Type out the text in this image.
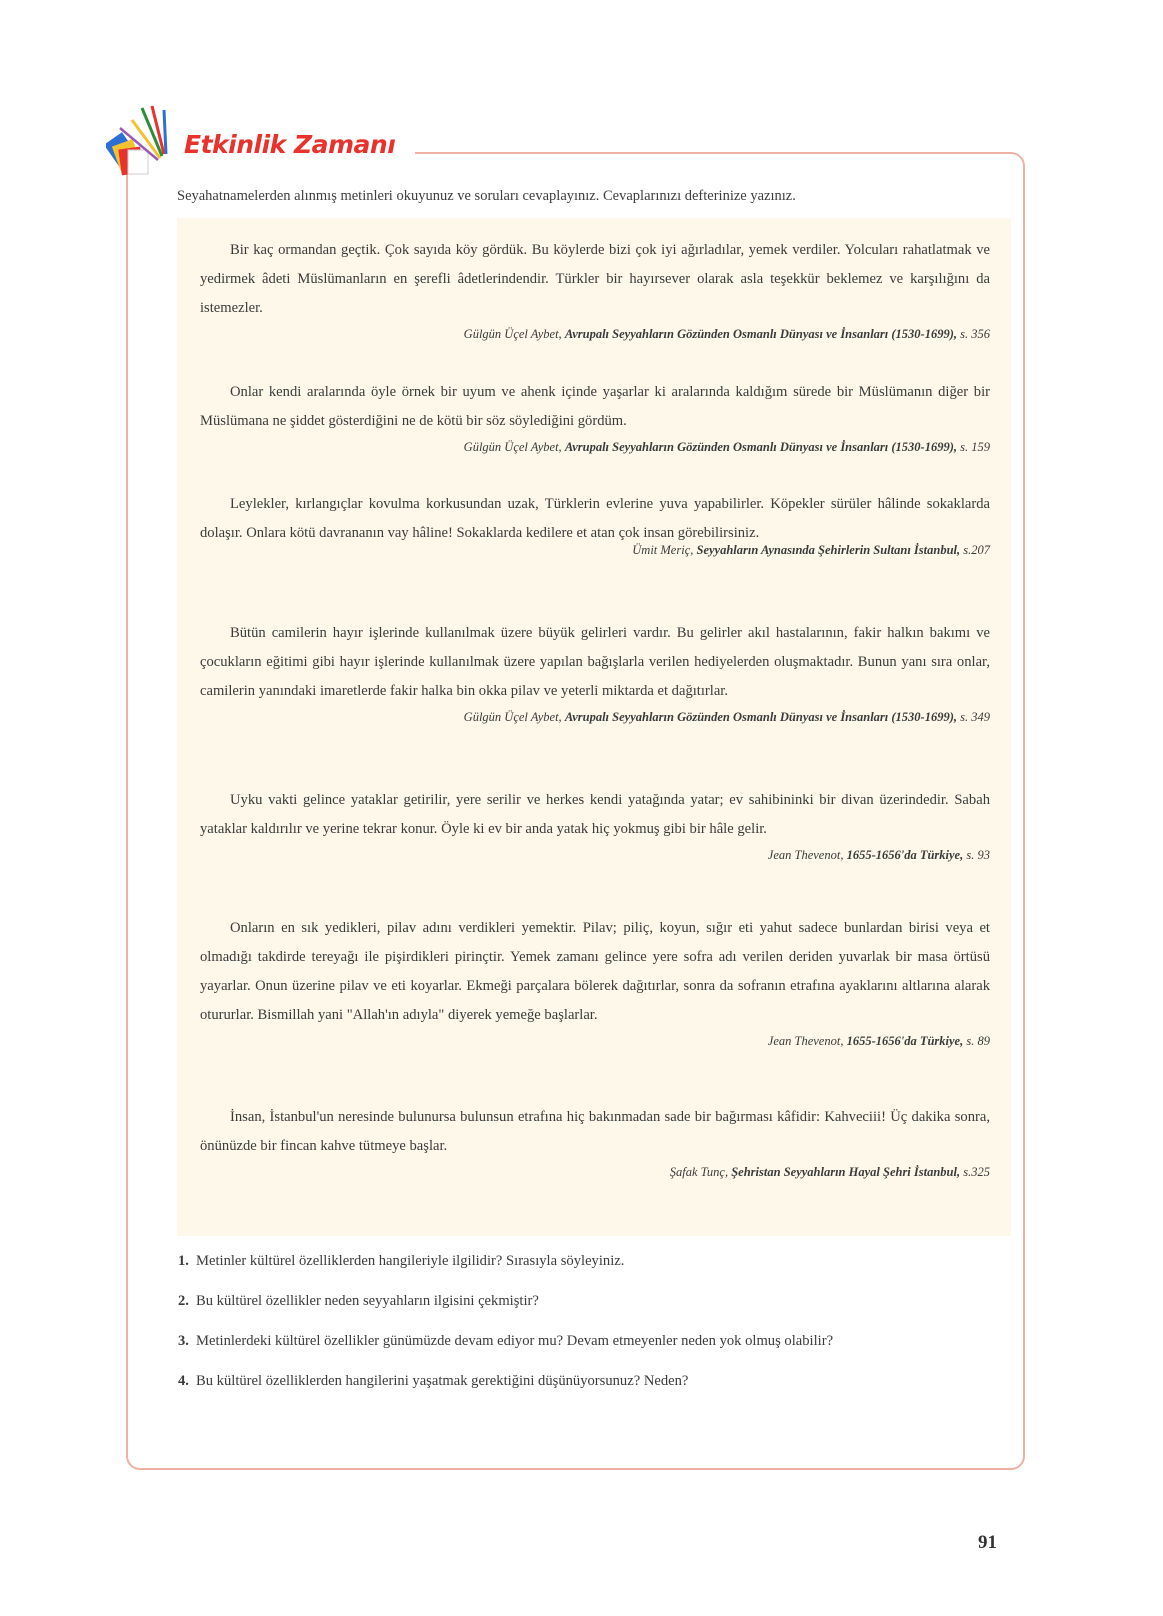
Etkinlik Zamanı
Seyahatnamelerden alınmış metinleri okuyunuz ve soruları cevaplayınız. Cevaplarınızı defterinize yazınız.

Bir kaç ormandan geçtik. Çok sayıda köy gördük. Bu köylerde bizi çok iyi ağırladılar, yemek verdiler. Yolcuları rahatlatmak ve yedirmek âdeti Müslümanların en şerefli âdetlerindendir. Türkler bir hayırsever olarak asla teşekkür beklemez ve karşılığını da istemezler.

Gülgün Üçel Aybet, Avrupalı Seyyahların Gözünden Osmanlı Dünyası ve İnsanları (1530-1699), s. 356

Onlar kendi aralarında öyle örnek bir uyum ve ahenk içinde yaşarlar ki aralarında kaldığım sürede bir Müslümanın diğer bir Müslümana ne şiddet gösterdiğini ne de kötü bir söz söylediğini gördüm.

Gülgün Üçel Aybet, Avrupalı Seyyahların Gözünden Osmanlı Dünyası ve İnsanları (1530-1699), s. 159

Leylekler, kırlangıçlar kovulma korkusundan uzak, Türklerin evlerine yuva yapabilirler. Köpekler sürüler hâlinde sokaklarda dolaşır. Onlara kötü davrananın vay hâline! Sokaklarda kedilere et atan çok insan görebilirsiniz.

Ümit Meriç, Seyyahların Aynasında Şehirlerin Sultanı İstanbul, s.207

Bütün camilerin hayır işlerinde kullanılmak üzere büyük gelirleri vardır. Bu gelirler akıl hastalarının, fakir halkın bakımı ve çocukların eğitimi gibi hayır işlerinde kullanılmak üzere yapılan bağışlarla verilen hediyelerden oluşmaktadır. Bunun yanı sıra onlar, camilerin yanındaki imaretlerde fakir halka bin okka pilav ve yeterli miktarda et dağıtırlar.

Gülgün Üçel Aybet, Avrupalı Seyyahların Gözünden Osmanlı Dünyası ve İnsanları (1530-1699), s. 349

Uyku vakti gelince yataklar getirilir, yere serilir ve herkes kendi yatağında yatar; ev sahibininki bir divan üzerindedir. Sabah yataklar kaldırılır ve yerine tekrar konur. Öyle ki ev bir anda yatak hiç yokmuş gibi bir hâle gelir.

Jean Thevenot, 1655-1656'da Türkiye, s. 93

Onların en sık yedikleri, pilav adını verdikleri yemektir. Pilav; piliç, koyun, sığır eti yahut sadece bunlardan birisi veya et olmadığı takdirde tereyağı ile pişirdikleri pirinçtir. Yemek zamanı gelince yere sofra adı verilen deriden yuvarlak bir masa örtüsü yayarlar. Onun üzerine pilav ve eti koyarlar. Ekmeği parçalara bölerek dağıtırlar, sonra da sofranın etrafına ayaklarını altlarına alarak otururlar. Bismillah yani "Allah'ın adıyla" diyerek yemeğe başlarlar.

Jean Thevenot, 1655-1656'da Türkiye, s. 89

İnsan, İstanbul'un neresinde bulunursa bulunsun etrafına hiç bakınmadan sade bir bağırması kâfidir: Kahveciii! Üç dakika sonra, önünüzde bir fincan kahve tütmeye başlar.

Şafak Tunç, Şehristan Seyyahların Hayal Şehri İstanbul, s.325
1. Metinler kültürel özelliklerden hangileriyle ilgilidir? Sırasıyla söyleyiniz.
2. Bu kültürel özellikler neden seyyahların ilgisini çekmiştir?
3. Metinlerdeki kültürel özellikler günümüzde devam ediyor mu? Devam etmeyenler neden yok olmuş olabilir?
4. Bu kültürel özelliklerden hangilerini yaşatmak gerektiğini düşünüyorsunuz? Neden?
91
